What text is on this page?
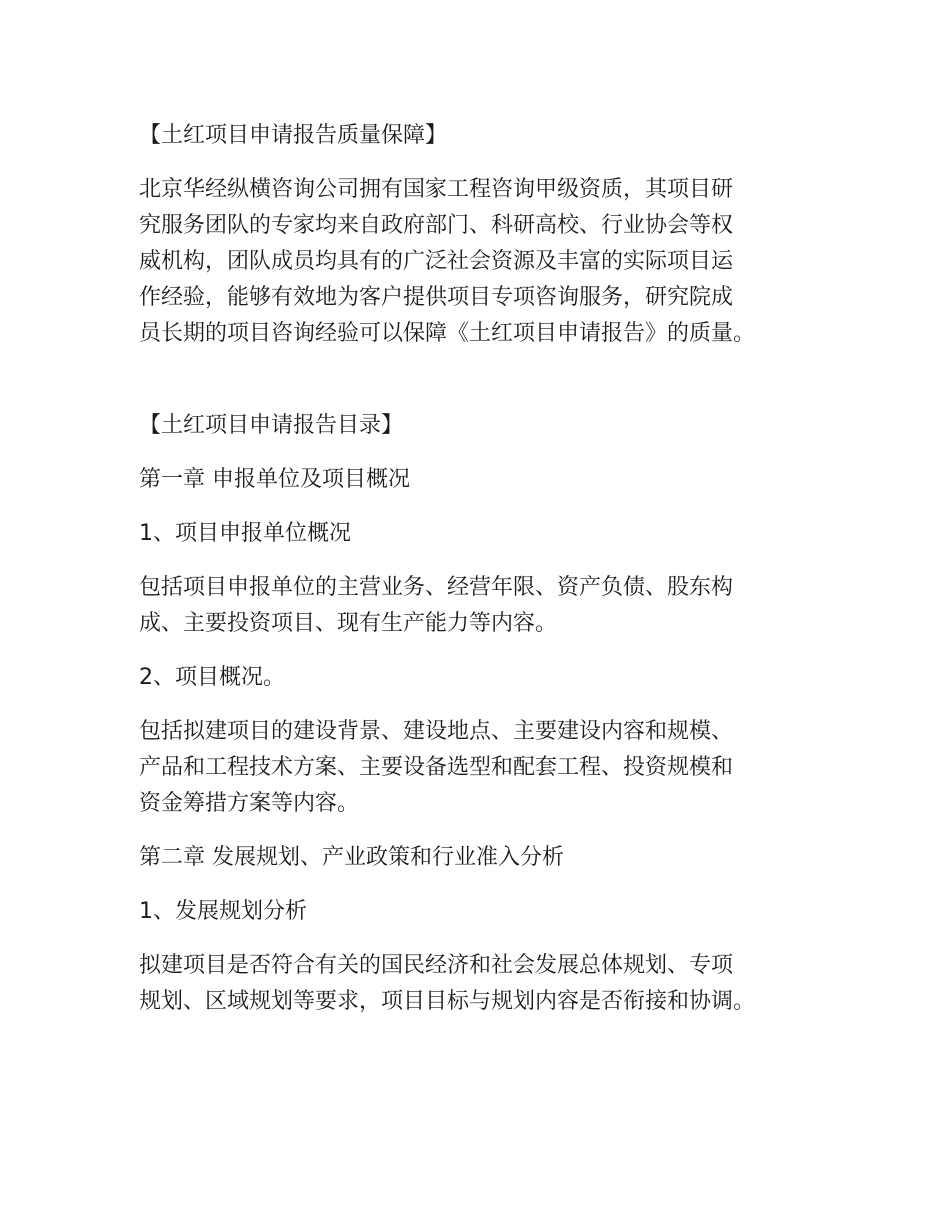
【土红项目申请报告质量保障】
北京华经纵横咨询公司拥有国家工程咨询甲级资质，其项目研
究服务团队的专家均来自政府部门、科研高校、行业协会等权
威机构，团队成员均具有的广泛社会资源及丰富的实际项目运
作经验，能够有效地为客户提供项目专项咨询服务，研究院成
员长期的项目咨询经验可以保障《土红项目申请报告》的质量。
【土红项目申请报告目录】
第一章 申报单位及项目概况
1、项目申报单位概况
包括项目申报单位的主营业务、经营年限、资产负债、股东构
成、主要投资项目、现有生产能力等内容。
2、项目概况。
包括拟建项目的建设背景、建设地点、主要建设内容和规模、
产品和工程技术方案、主要设备选型和配套工程、投资规模和
资金筹措方案等内容。
第二章 发展规划、产业政策和行业准入分析
1、发展规划分析
拟建项目是否符合有关的国民经济和社会发展总体规划、专项
规划、区域规划等要求，项目目标与规划内容是否衔接和协调。
